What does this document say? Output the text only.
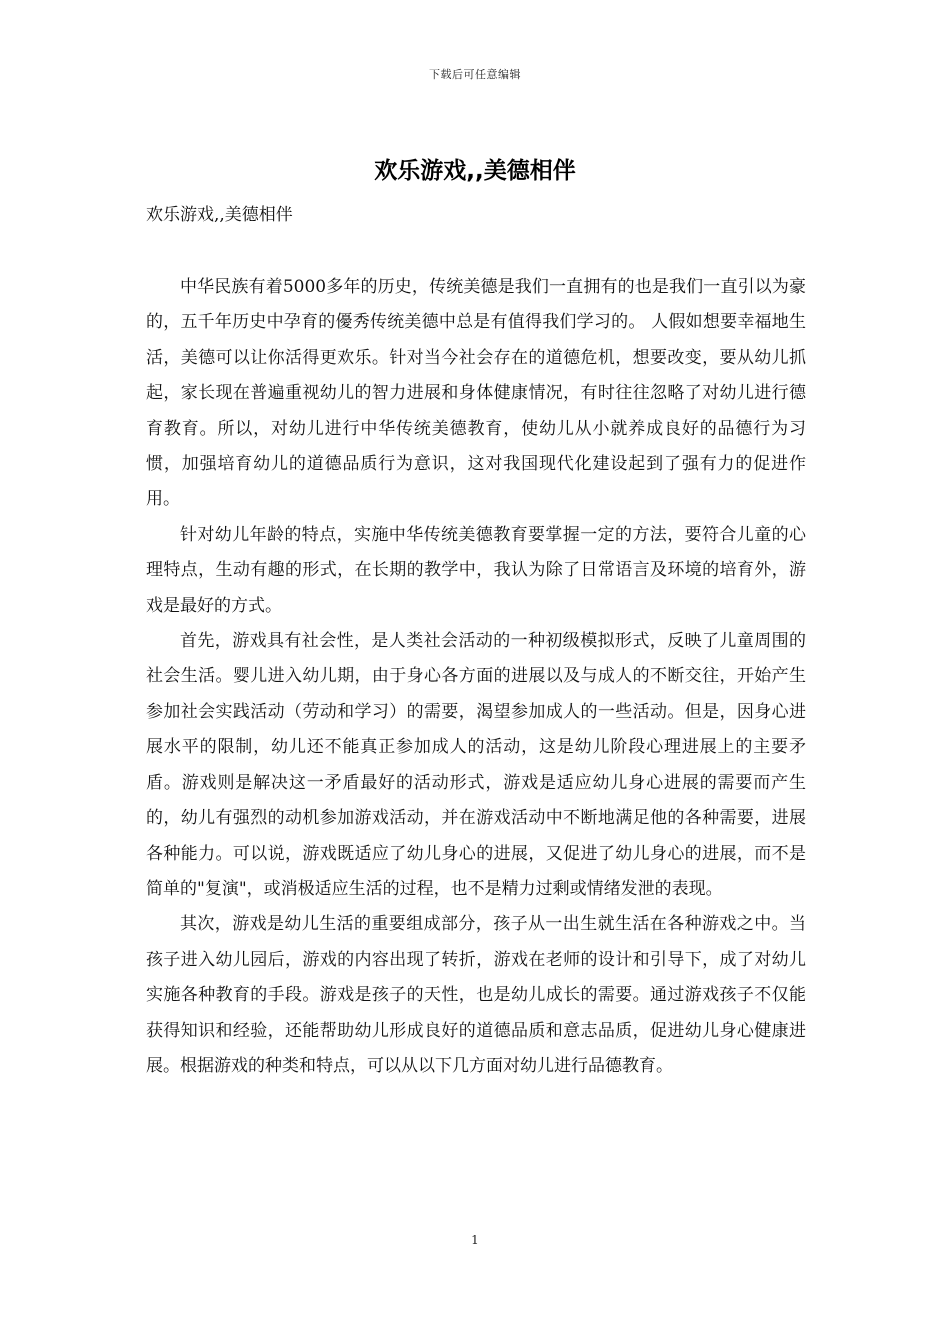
下载后可任意编辑
欢乐游戏,,美德相伴
欢乐游戏,,美德相伴

中华民族有着5000多年的历史，传统美德是我们一直拥有的也是我们一直引以为豪的，五千年历史中孕育的優秀传统美德中总是有值得我们学习的。 人假如想要幸福地生活，美德可以让你活得更欢乐。针对当今社会存在的道德危机，想要改变，要从幼儿抓起，家长现在普遍重视幼儿的智力进展和身体健康情况，有时往往忽略了对幼儿进行德育教育。所以，对幼儿进行中华传统美德教育，使幼儿从小就养成良好的品德行为习惯，加强培育幼儿的道德品质行为意识，这对我国现代化建设起到了强有力的促进作用。

针对幼儿年龄的特点，实施中华传统美德教育要掌握一定的方法，要符合儿童的心理特点，生动有趣的形式，在长期的教学中，我认为除了日常语言及环境的培育外，游戏是最好的方式。

首先，游戏具有社会性，是人类社会活动的一种初级模拟形式，反映了儿童周围的社会生活。婴儿进入幼儿期，由于身心各方面的进展以及与成人的不断交往，开始产生参加社会实践活动（劳动和学习）的需要，渴望参加成人的一些活动。但是，因身心进展水平的限制，幼儿还不能真正参加成人的活动，这是幼儿阶段心理进展上的主要矛盾。游戏则是解决这一矛盾最好的活动形式，游戏是适应幼儿身心进展的需要而产生的，幼儿有强烈的动机参加游戏活动，并在游戏活动中不断地满足他的各种需要，进展各种能力。可以说，游戏既适应了幼儿身心的进展，又促进了幼儿身心的进展，而不是简单的"复演"，或消极适应生活的过程，也不是精力过剩或情绪发泄的表现。

其次，游戏是幼儿生活的重要组成部分，孩子从一出生就生活在各种游戏之中。当孩子进入幼儿园后，游戏的内容出现了转折，游戏在老师的设计和引导下，成了对幼儿实施各种教育的手段。游戏是孩子的天性，也是幼儿成长的需要。通过游戏孩子不仅能获得知识和经验，还能帮助幼儿形成良好的道德品质和意志品质，促进幼儿身心健康进展。根据游戏的种类和特点，可以从以下几方面对幼儿进行品德教育。

1
